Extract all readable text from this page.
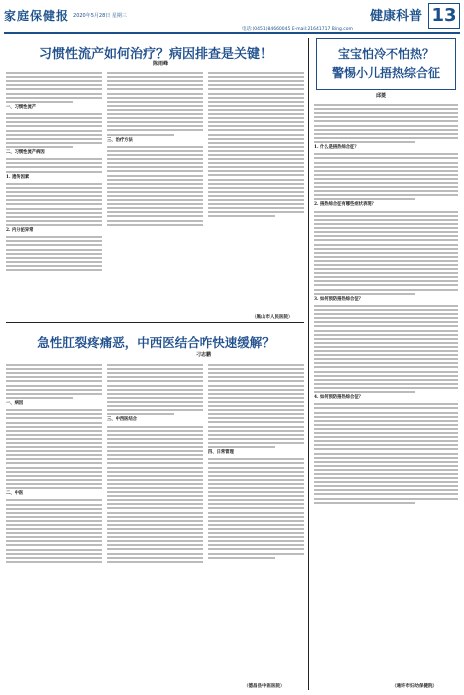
家庭保健报 2020年5月28日 星期三	健康科普 13
电话:(0451)84660045 E-mail:21641717 Bing.com
习惯性流产如何治疗？病因排查是关键！
陈雨峰
一、习惯性流产
二、习惯性流产病因
1. 遗传因素
2. 内分泌异常
三、治疗方法
（黑山市人民医院）
急性肛裂疼痛恶，中西医结合咋快速缓解？
刁志鹏
一、病因
二、中医
三、中西医结合
四、日常管理
（德昌县中医医院）
宝宝怕冷不怕热？
警惕小儿捂热综合征
邱菱
1. 什么是捂热综合征？
2. 捂热综合征有哪些症状表现？
3. 如何预防捂热综合征？
4. 如何预防捂热综合征？
（通许市妇幼保健院）
